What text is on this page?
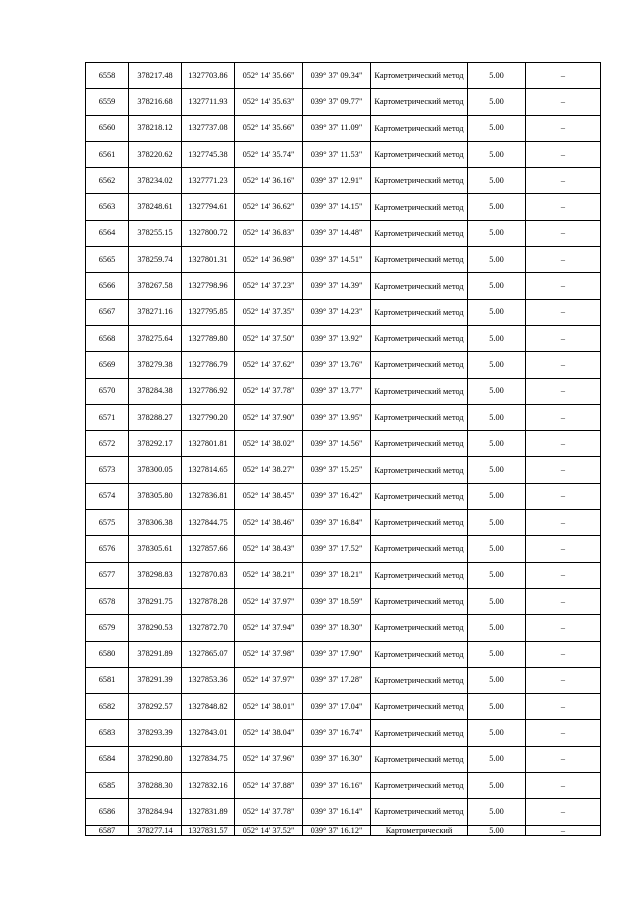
6558	378217.48	1327703.86	052° 14' 35.66"	039° 37' 09.34"	Картометрический метод	5.00	–
6559	378216.68	1327711.93	052° 14' 35.63"	039° 37' 09.77"	Картометрический метод	5.00	–
6560	378218.12	1327737.08	052° 14' 35.66"	039° 37' 11.09"	Картометрический метод	5.00	–
6561	378220.62	1327745.38	052° 14' 35.74"	039° 37' 11.53"	Картометрический метод	5.00	–
6562	378234.02	1327771.23	052° 14' 36.16"	039° 37' 12.91"	Картометрический метод	5.00	–
6563	378248.61	1327794.61	052° 14' 36.62"	039° 37' 14.15"	Картометрический метод	5.00	–
6564	378255.15	1327800.72	052° 14' 36.83"	039° 37' 14.48"	Картометрический метод	5.00	–
6565	378259.74	1327801.31	052° 14' 36.98"	039° 37' 14.51"	Картометрический метод	5.00	–
6566	378267.58	1327798.96	052° 14' 37.23"	039° 37' 14.39"	Картометрический метод	5.00	–
6567	378271.16	1327795.85	052° 14' 37.35"	039° 37' 14.23"	Картометрический метод	5.00	–
6568	378275.64	1327789.80	052° 14' 37.50"	039° 37' 13.92"	Картометрический метод	5.00	–
6569	378279.38	1327786.79	052° 14' 37.62"	039° 37' 13.76"	Картометрический метод	5.00	–
6570	378284.38	1327786.92	052° 14' 37.78"	039° 37' 13.77"	Картометрический метод	5.00	–
6571	378288.27	1327790.20	052° 14' 37.90"	039° 37' 13.95"	Картометрический метод	5.00	–
6572	378292.17	1327801.81	052° 14' 38.02"	039° 37' 14.56"	Картометрический метод	5.00	–
6573	378300.05	1327814.65	052° 14' 38.27"	039° 37' 15.25"	Картометрический метод	5.00	–
6574	378305.80	1327836.81	052° 14' 38.45"	039° 37' 16.42"	Картометрический метод	5.00	–
6575	378306.38	1327844.75	052° 14' 38.46"	039° 37' 16.84"	Картометрический метод	5.00	–
6576	378305.61	1327857.66	052° 14' 38.43"	039° 37' 17.52"	Картометрический метод	5.00	–
6577	378298.83	1327870.83	052° 14' 38.21"	039° 37' 18.21"	Картометрический метод	5.00	–
6578	378291.75	1327878.28	052° 14' 37.97"	039° 37' 18.59"	Картометрический метод	5.00	–
6579	378290.53	1327872.70	052° 14' 37.94"	039° 37' 18.30"	Картометрический метод	5.00	–
6580	378291.89	1327865.07	052° 14' 37.98"	039° 37' 17.90"	Картометрический метод	5.00	–
6581	378291.39	1327853.36	052° 14' 37.97"	039° 37' 17.28"	Картометрический метод	5.00	–
6582	378292.57	1327848.82	052° 14' 38.01"	039° 37' 17.04"	Картометрический метод	5.00	–
6583	378293.39	1327843.01	052° 14' 38.04"	039° 37' 16.74"	Картометрический метод	5.00	–
6584	378290.80	1327834.75	052° 14' 37.96"	039° 37' 16.30"	Картометрический метод	5.00	–
6585	378288.30	1327832.16	052° 14' 37.88"	039° 37' 16.16"	Картометрический метод	5.00	–
6586	378284.94	1327831.89	052° 14' 37.78"	039° 37' 16.14"	Картометрический метод	5.00	–
6587	378277.14	1327831.57	052° 14' 37.52"	039° 37' 16.12"	Картометрический	5.00	–
